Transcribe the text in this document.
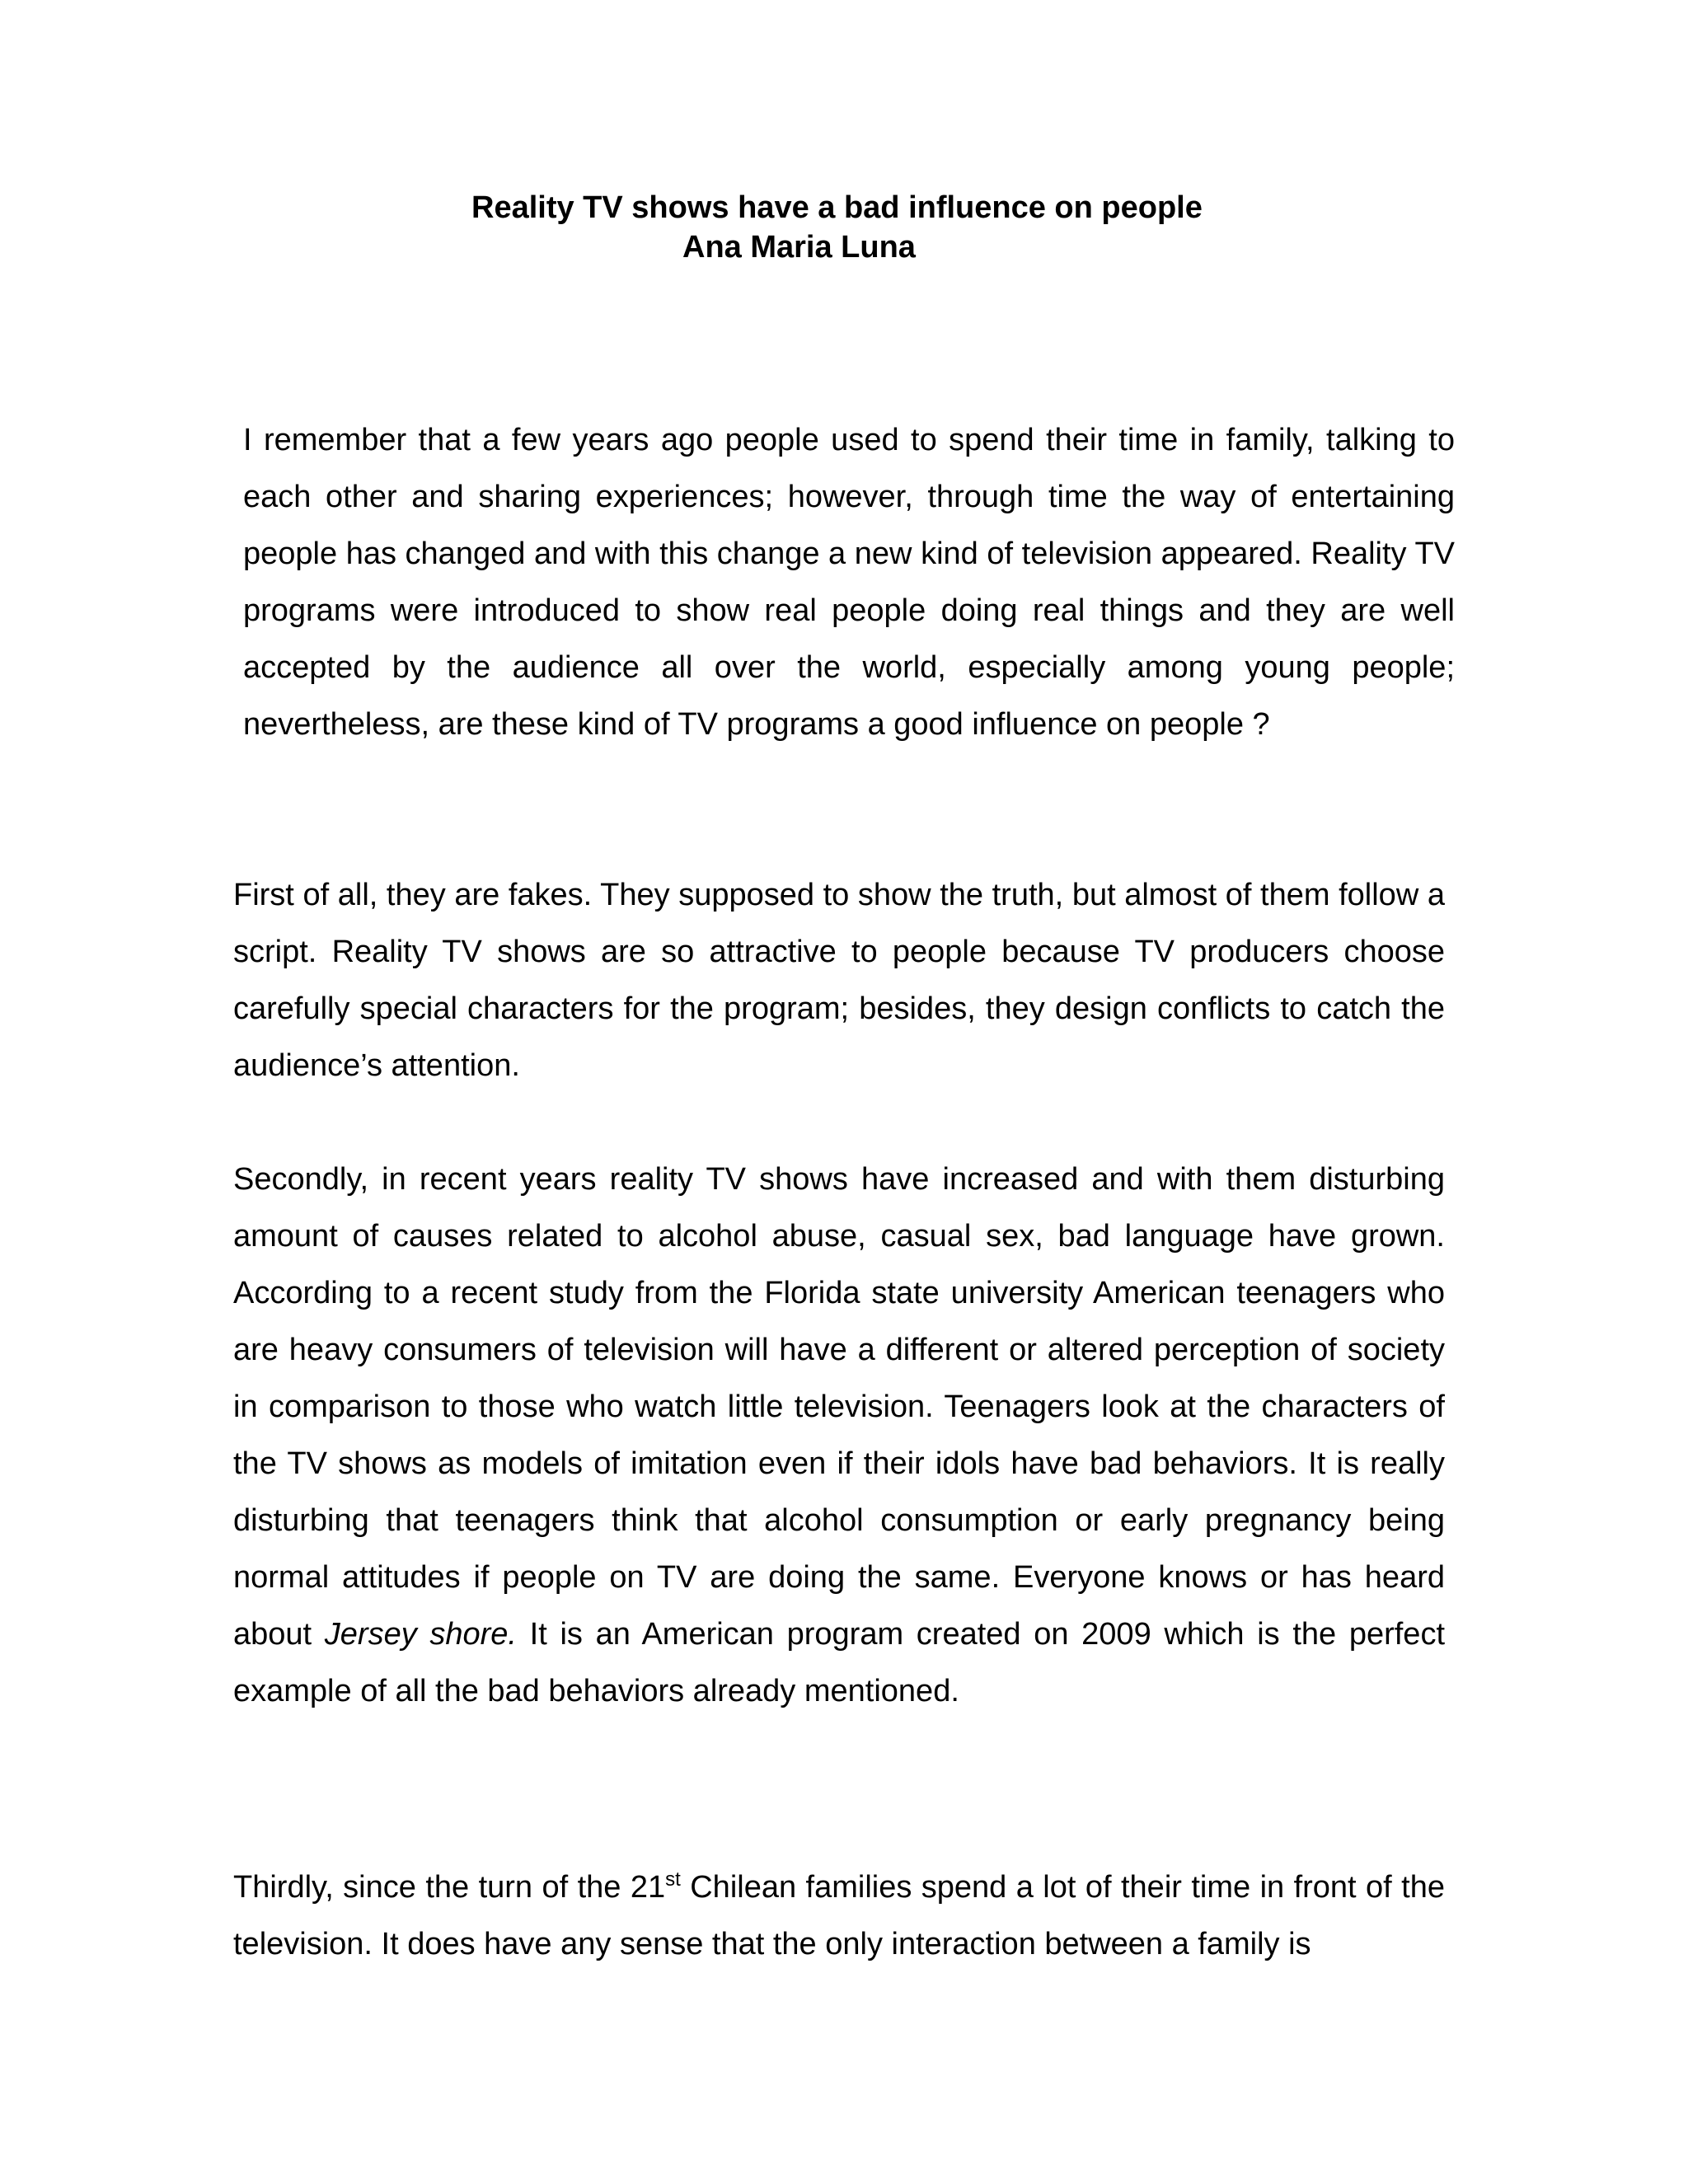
Reality TV shows have a bad influence on people
Ana Maria Luna

I remember that a few years ago people used to spend their time in family, talking to each other and sharing experiences; however, through time the way of entertaining people has changed and with this change a new kind of television appeared. Reality TV programs were introduced to show real people doing real things and they are well accepted by the audience all over the world, especially among young people; nevertheless, are these kind of TV programs a good influence on people ?

First of all, they are fakes. They supposed to show the truth, but almost of them follow a script. Reality TV shows are so attractive to people because TV producers choose carefully special characters for the program; besides, they design conflicts to catch the audience’s attention.

Secondly, in recent years reality TV shows have increased and with them disturbing amount of causes related to alcohol abuse, casual sex, bad language have grown. According to a recent study from the Florida state university American teenagers who are heavy consumers of television will have a different or altered perception of society in comparison to those who watch little television. Teenagers look at the characters of the TV shows as models of imitation even if their idols have bad behaviors. It is really disturbing that teenagers think that alcohol consumption or early pregnancy being normal attitudes if people on TV are doing the same. Everyone knows or has heard about Jersey shore. It is an American program created on 2009 which is the perfect example of all the bad behaviors already mentioned.

Thirdly, since the turn of the 21st Chilean families spend a lot of their time in front of the television. It does have any sense that the only interaction between a family is
